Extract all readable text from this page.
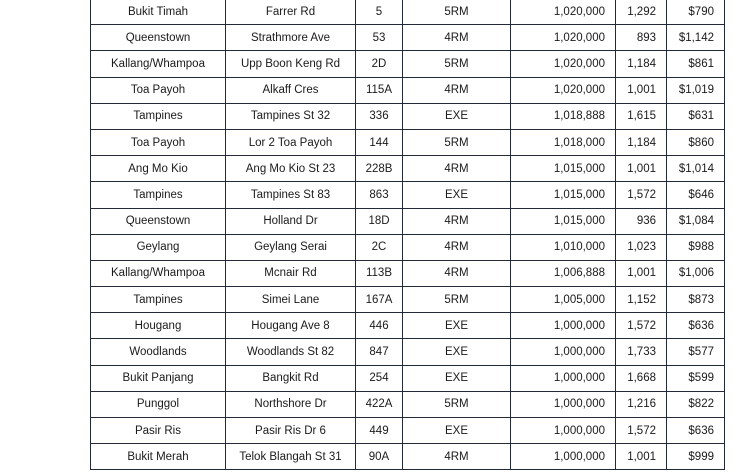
Bukit Timah	Farrer Rd	5	5RM	1,020,000	1,292	$790
Queenstown	Strathmore Ave	53	4RM	1,020,000	893	$1,142
Kallang/Whampoa	Upp Boon Keng Rd	2D	5RM	1,020,000	1,184	$861
Toa Payoh	Alkaff Cres	115A	4RM	1,020,000	1,001	$1,019
Tampines	Tampines St 32	336	EXE	1,018,888	1,615	$631
Toa Payoh	Lor 2 Toa Payoh	144	5RM	1,018,000	1,184	$860
Ang Mo Kio	Ang Mo Kio St 23	228B	4RM	1,015,000	1,001	$1,014
Tampines	Tampines St 83	863	EXE	1,015,000	1,572	$646
Queenstown	Holland Dr	18D	4RM	1,015,000	936	$1,084
Geylang	Geylang Serai	2C	4RM	1,010,000	1,023	$988
Kallang/Whampoa	Mcnair Rd	113B	4RM	1,006,888	1,001	$1,006
Tampines	Simei Lane	167A	5RM	1,005,000	1,152	$873
Hougang	Hougang Ave 8	446	EXE	1,000,000	1,572	$636
Woodlands	Woodlands St 82	847	EXE	1,000,000	1,733	$577
Bukit Panjang	Bangkit Rd	254	EXE	1,000,000	1,668	$599
Punggol	Northshore Dr	422A	5RM	1,000,000	1,216	$822
Pasir Ris	Pasir Ris Dr 6	449	EXE	1,000,000	1,572	$636
Bukit Merah	Telok Blangah St 31	90A	4RM	1,000,000	1,001	$999
